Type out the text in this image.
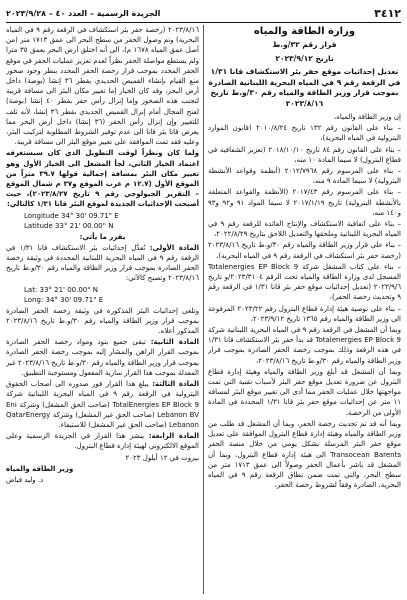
٣٤١٢
الجريدة الرسمية – العدد ٤٠ – ٢٠٢٣/٩/٢٨
وزارة الطاقة والمياه
قرار رقم ٣٢/و.ط
تاريخ ٢٠٢٣/٩/١٢
تعديل إحداثيات موقع حفر بئر الاستكشاف قانا ١/٣١ في الرقعة رقم ٩ في المياه البحرية اللبنانية الصادرة بموجب قرار وزير الطاقة والمياه رقم ٣٠/و.ط تاريخ ٢٠٢٣/٨/١٦

إن وزير الطاقة والمياه،

– بناء على القانون رقم ١٣٢ تاريخ ٢٠١٠/٨/٢٤ (قانون الموارد البترولية في المياه البحرية)،

– بناء على القانون رقم ٨٤ تاريخ ٢٠١٨/١٠/١٠ (تعزيز الشفافية في قطاع البترول) لا سيما المادة ١٠ منه،

– بناء على المرسوم رقم ٢٠١٢/٧٩٦٨ (أنظمة وقواعد الأنشطة البترولية) لا سيما المادة ٩ منه،

– بناء على المرسوم رقم ٢٠١٧/٤٣ (الأنظمة والقواعد المتعلقة بالأنشطة البترولية) تاريخ ٢٠١٧/١/١٩ لا سيما المواد ٩١ و٩٢ و٩٣ و١٤٠ منه،

– بناء على اتفاقية الاستكشاف والإنتاج العائدة للرقعة رقم ٩ في المياه البحرية اللبنانية وملحقها والتعديل اللاحق بتاريخ ٢٠٢٢/٨/٢٩،

– بناء على قرار وزير الطاقة والمياه رقم ٣٠/و.ط تاريخ ٢٠٢٣/٨/١٦ (رخصة حفر بئر استكشاف في الرقعة رقم ٩ في المياه البحرية)،

– بناء على كتاب المشغل شركة Totalenergies EP Block 9 المسجل لدى وزارة الطاقة والمياه تحت الرقم ٢٠٢٣/٣١٠٤/و تاريخ ٢٠٢٣/٩/٦ (تعديل إحداثيات موقع حفر بئر قانا ١/٣١ في الرقعة رقم ٩ وتحديث رخصة الحفر)،

– بناء على توصية هيئة إدارة قطاع البترول رقم ٢٠٢٣/٢٢ المرفوعة الى وزير الطاقة والمياه رقم ١٣٦٥ تاريخ ٢٠٢٣/٩/١٢،

وبما أن المشغل في الرقعة رقم ٩ في المياه البحرية اللبنانية شركة Totalenergies EP Block 9 قد بدأ حفر بئر الاستكشاف قانا ١/٣١ في هذه الرقعة وذلك بموجب رخصة الحفر الصادرة بموجب قرار وزير الطاقة والمياه رقم ٣٠/و.ط تاريخ ٢٠٢٣/٨/١٦،

وبما أن المشغل قد أبلغ وزير الطاقة والمياه وهيئة إدارة قطاع البترول عن ضرورة تعديل موقع حفر البئر لأسباب تقنية التي تمت مواجهتها خلال عمليات الحفر مما أدى الى تغيير موقع البئر لمسافة ١١ متر عن إحداثيات موقع حفر بئر قانا ١/٣١ المحددة في المادة الأولى من الرخصة،

وبما أنه قد تم تحديث رخصة الحفر، وبما أن المشغل قد طلب من وزير الطاقة والمياه وهيئة إدارة قطاع البترول الموافقة على تعديل موقع حفر البئر المرسلة بشكل يومي من خلال منصة الحفر Transocean Barents الى هيئة إدارة قطاع البترول، وبما أن المشغل قد باشر بأعمال الحفر وصولاً الى عمق ١٧١٣ متر من سطح البحر، والتي تمت ضمن نطاق الرقعة رقم ٩ في المياه البحرية، الصادرة وفقاً لشروط رخصة الحفر،

٢٠٢٣/٨/١٦ (رخصة حفر بئر استكشاف في الرقعة رقم ٩ في المياه البحرية) وتم وصول الحفر من سطح البحر الى عمق ١٧١٣ متر (من أصل عمق المياه ١٦٧٨ م)، الى أنه اختلق أرض البحر بعمق ٣٥ مترا ولم يستطع مواصلة الحفر نظراً لعدم تعزيز عمليات الحفر في موقع الحفر المحدد بموجب قرار رخصة الحفر المحدد بنظر وجود صخور منع القيام بإنشاء القميص الحديدي بقطر ٣٦ إنشا (بوصة) داخل أرض البحر، وقد كان الخيار إما تغيير مكان البئر الى مسافة قريبة لتجنب هذه الصخور وإما إنزال رأس حفر بقطر ٤٠ إنشا (بوصة) لفتح المجال أمام إنزال القميص الحديدي بقطر ٣٦ إنشا، لأنه تلف للتغيير وإن إنزال رأس الحفر (٣٦ إنشا) داخل أرض البحر مما يعرض قانا بئر قانا الى عدم توفير الشروط المطلوبة لتركيب البئر، وعليه فقد تمت الموافقة على تغيير موقع البئر الى مسافة قريبة.

ولما كان ونظراً لوقت التطويل الذي كان سيستغرقه اعتماد الخيار الثاني، لجأ المشغل الى الخيار الأول وهو تغيير مكان البئر بمسافة إجمالية قولها ٣٩.٧ متراً من الموقع الأول (١٢.٧ م غرب الموقع و٣٧ م شمال الموقع – التقرير الجيولوجي رقم ٩ تاريخ ٢٠٢٣/٨/٢٧)، حيث أصبحت الإحداثيات الجديدة لموقع البئر قانا ١/٣١ كالتالي:

Longitude 34° 30' 09.71" E
Latitude 33° 21' 00.00" N

يقرر ما يأتي:

المادة الأولى: تُعدَّل إحداثيات بئر الاستكشاف قانا ١/٣١ في الرقعة رقم ٩ في المياه البحرية اللبنانية المحددة في وثيقة رخصة الحفر الصادرة بموجب قرار وزير الطاقة والمياه رقم ٣٠/و.ط تاريخ ٢٠٢٣/٨/١٦ وتصبح كالآتي:

Lat: 33° 21' 00.00" N
Long: 34° 30' 09.71" E

وتلغى إحداثيات البئر المذكورة في وثيقة رخصة الحفر الصادرة بموجب قرار وزير الطاقة والمياه رقم ٣٠/و.ط تاريخ ٢٠٢٣/٨/١٦ المذكور أعلاه.

المادة الثانية: تبقى جميع بنود ومواد رخصة الحفر الصادرة بموجب القرار الراهن والمشار إليه بموجب رخصة الحفر الصادرة بموجب قرار وزير الطاقة والمياه رقم ٣٠/و.ط تاريخ ٢٠٢٣/٨/١٦ غير المعدلة بموجب هذا القرار سارية المفعول ومستوجبة التطبيق.

المادة الثالثة: يبلغ هذا القرار فور صدوره الى أصحاب الحقوق البترولية في الرقعة رقم ٩ في المياه البحرية اللبنانية شركة TotalEnergies EP Block 9 (صاحب الحق المشغل) وشركة Eni Lebanon BV (صاحب الحق غير المشغل) وشركة QatarEnergy Lebanon (صاحب الحق غير المشغل) للاستيفاء.

المادة الرابعة: ينشر هذا القرار في الجريدة الرسمية وعلى الموقع الالكتروني لهيئة إدارة قطاع البترول.

بيروت في ١٢ أيلول ٢٠٢٣

وزير الطاقة والمياه

د. وليد فياض
